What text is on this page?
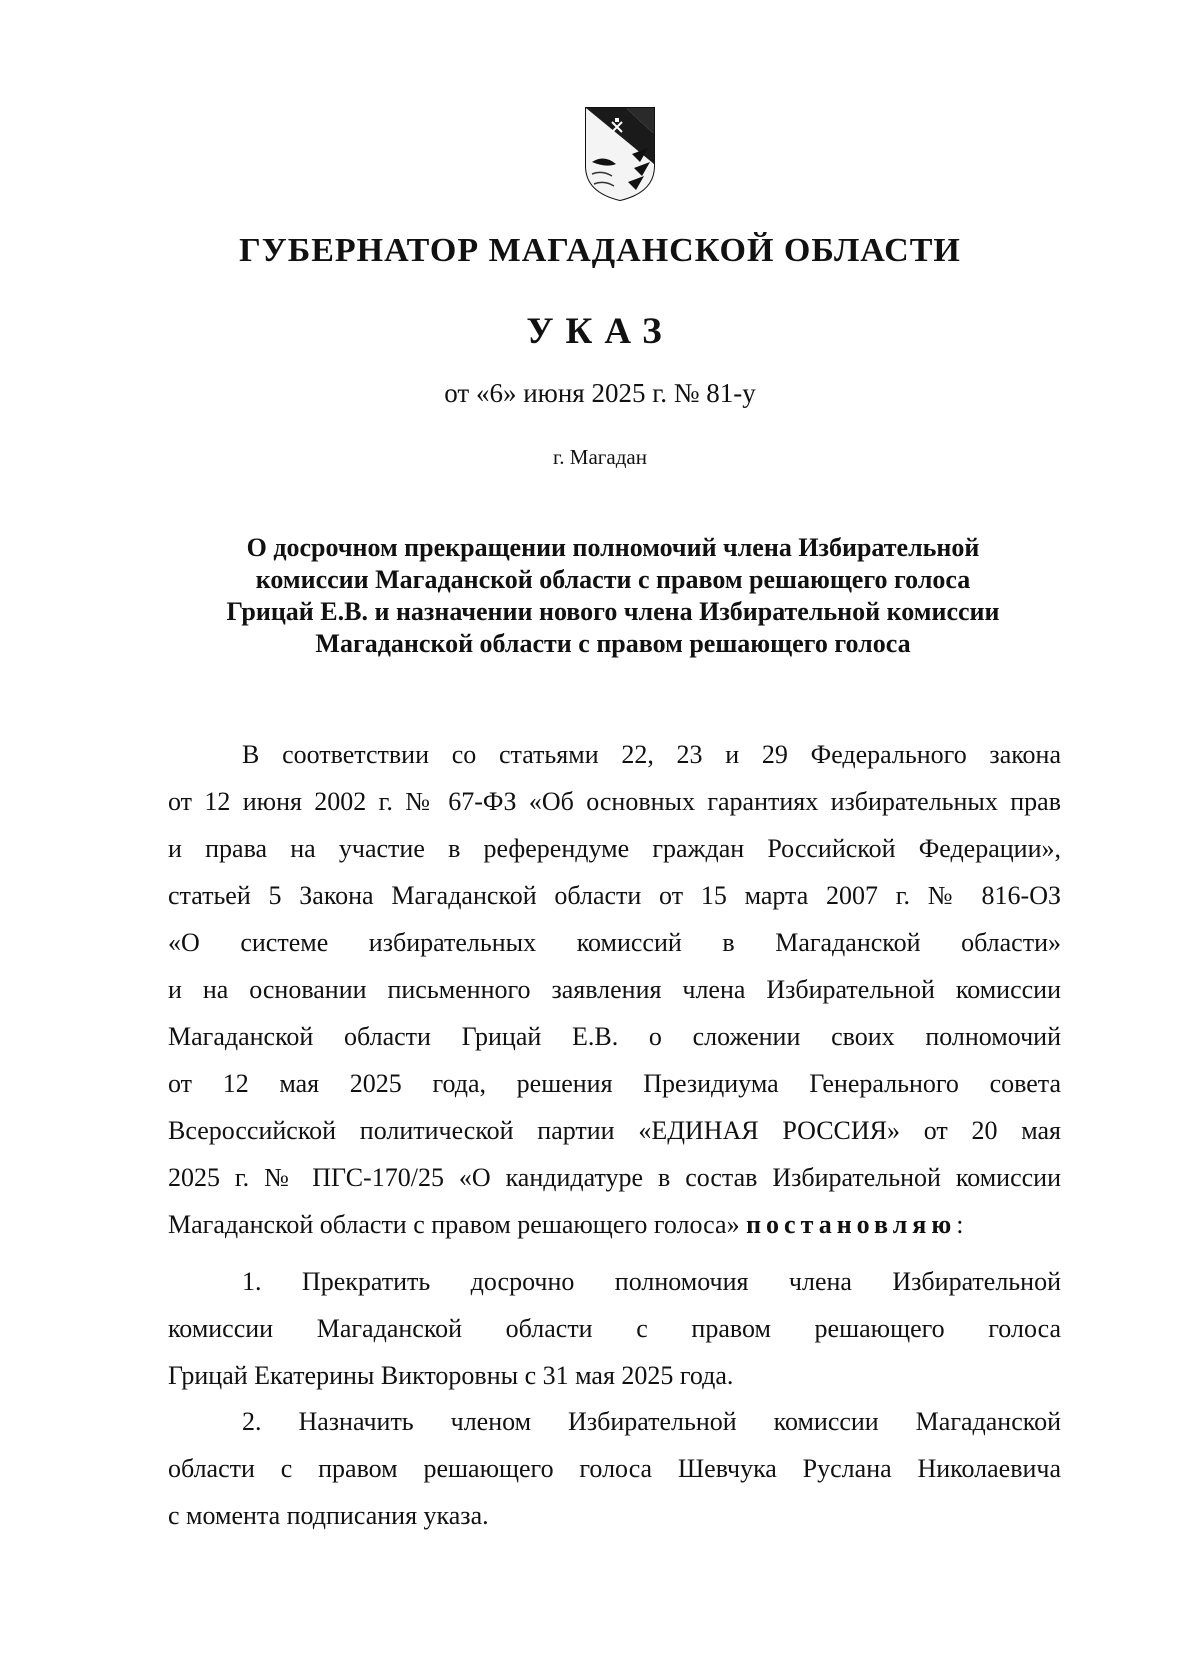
ГУБЕРНАТОР МАГАДАНСКОЙ ОБЛАСТИ
УКАЗ
от «6» июня 2025 г. № 81-у
г. Магадан
О досрочном прекращении полномочий члена Избирательной
комиссии Магаданской области с правом решающего голоса
Грицай Е.В. и назначении нового члена Избирательной комиссии
Магаданской области с правом решающего голоса
В соответствии со статьями 22, 23 и 29 Федерального закона
от 12 июня 2002 г. № 67-ФЗ «Об основных гарантиях избирательных прав
и права на участие в референдуме граждан Российской Федерации»,
статьей 5 Закона Магаданской области от 15 марта 2007 г. № 816-ОЗ
«О системе избирательных комиссий в Магаданской области»
и на основании письменного заявления члена Избирательной комиссии
Магаданской области Грицай Е.В. о сложении своих полномочий
от 12 мая 2025 года, решения Президиума Генерального совета
Всероссийской политической партии «ЕДИНАЯ РОССИЯ» от 20 мая
2025 г. № ПГС-170/25 «О кандидатуре в состав Избирательной комиссии
Магаданской области с правом решающего голоса» постановляю:
1. Прекратить досрочно полномочия члена Избирательной
комиссии Магаданской области с правом решающего голоса
Грицай Екатерины Викторовны с 31 мая 2025 года.
2. Назначить членом Избирательной комиссии Магаданской
области с правом решающего голоса Шевчука Руслана Николаевича
с момента подписания указа.
